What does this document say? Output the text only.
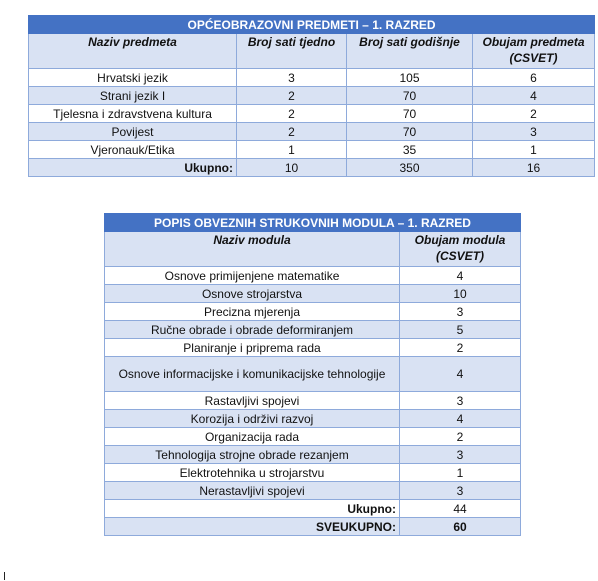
OPĆEOBRAZOVNI PREDMETI – 1. RAZRED			
Naziv predmeta	Broj sati tjedno	Broj sati godišnje	Obujam predmeta (CSVET)
Hrvatski jezik	3	105	6
Strani jezik I	2	70	4
Tjelesna i zdravstvena kultura	2	70	2
Povijest	2	70	3
Vjeronauk/Etika	1	35	1
Ukupno:	10	350	16
POPIS OBVEZNIH STRUKOVNIH MODULA – 1. RAZRED	
Naziv modula	Obujam modula (CSVET)
Osnove primijenjene matematike	4
Osnove strojarstva	10
Precizna mjerenja	3
Ručne obrade i obrade deformiranjem	5
Planiranje i priprema rada	2
Osnove informacijske i komunikacijske tehnologije	4
Rastavljivi spojevi	3
Korozija i održivi razvoj	4
Organizacija rada	2
Tehnologija strojne obrade rezanjem	3
Elektrotehnika u strojarstvu	1
Nerastavljivi spojevi	3
Ukupno:	44
SVEUKUPNO:	60
